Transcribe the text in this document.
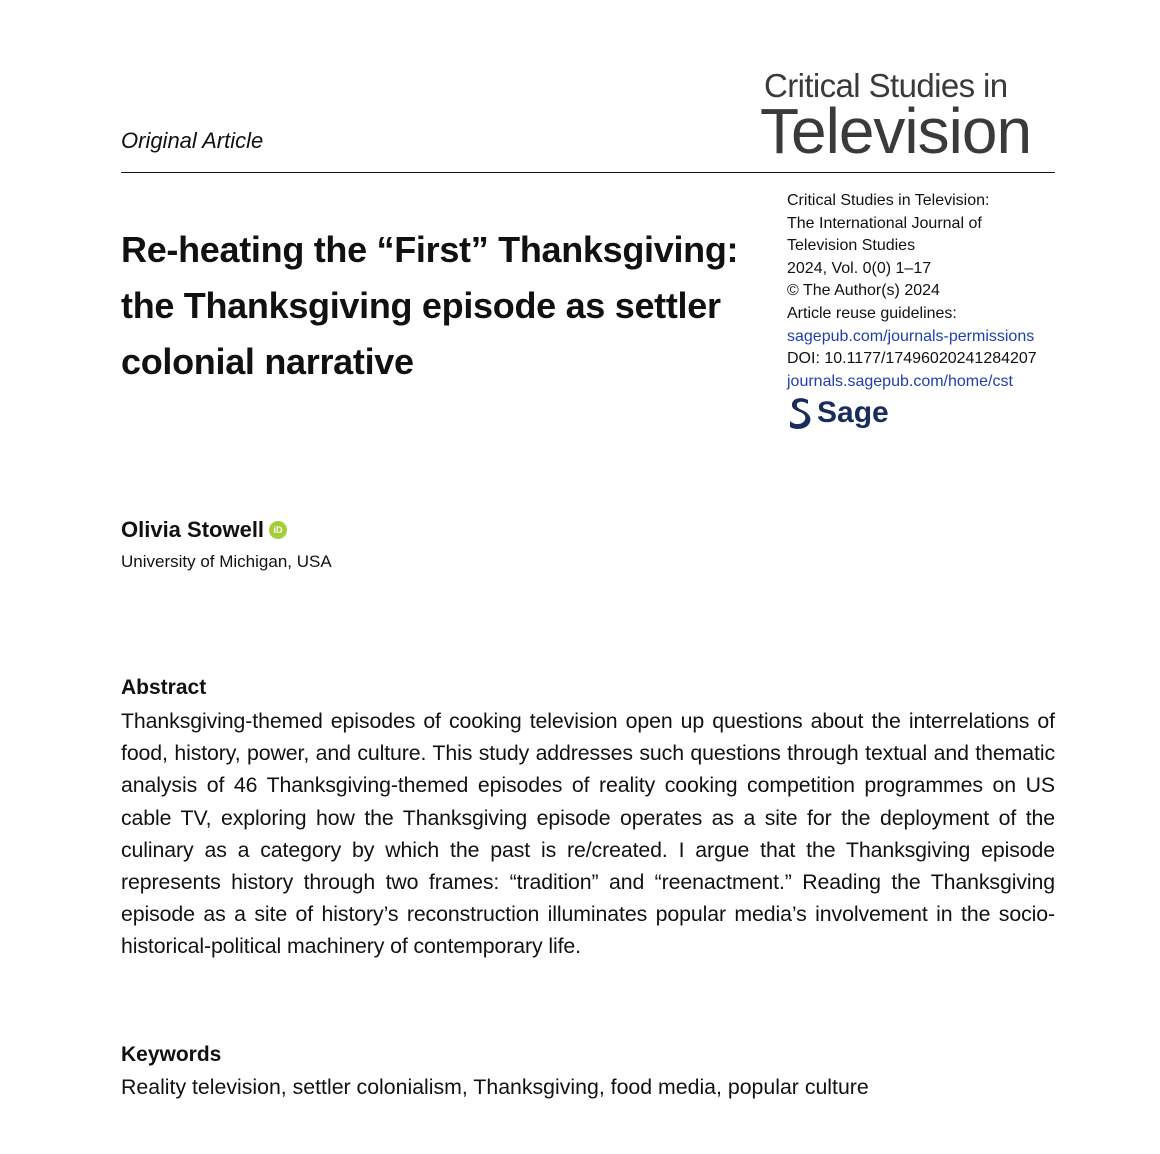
Critical Studies in
Television
Original Article
Re-heating the “First” Thanksgiving: the Thanksgiving episode as settler colonial narrative
Critical Studies in Television:
The International Journal of
Television Studies
2024, Vol. 0(0) 1–17
© The Author(s) 2024
Article reuse guidelines:
sagepub.com/journals-permissions
DOI: 10.1177/17496020241284207
journals.sagepub.com/home/cst
Sage
Olivia Stowell	iD
University of Michigan, USA
Abstract

Thanksgiving-themed episodes of cooking television open up questions about the interrelations of food, history, power, and culture. This study addresses such questions through textual and thematic analysis of 46 Thanksgiving-themed episodes of reality cooking competition programmes on US cable TV, exploring how the Thanksgiving episode operates as a site for the deployment of the culinary as a category by which the past is re/created. I argue that the Thanksgiving episode represents history through two frames: “tradition” and “reenactment.” Reading the Thanksgiving episode as a site of history’s reconstruction illuminates popular media’s involvement in the socio-historical-political machinery of contemporary life.

Keywords
Reality television, settler colonialism, Thanksgiving, food media, popular culture
